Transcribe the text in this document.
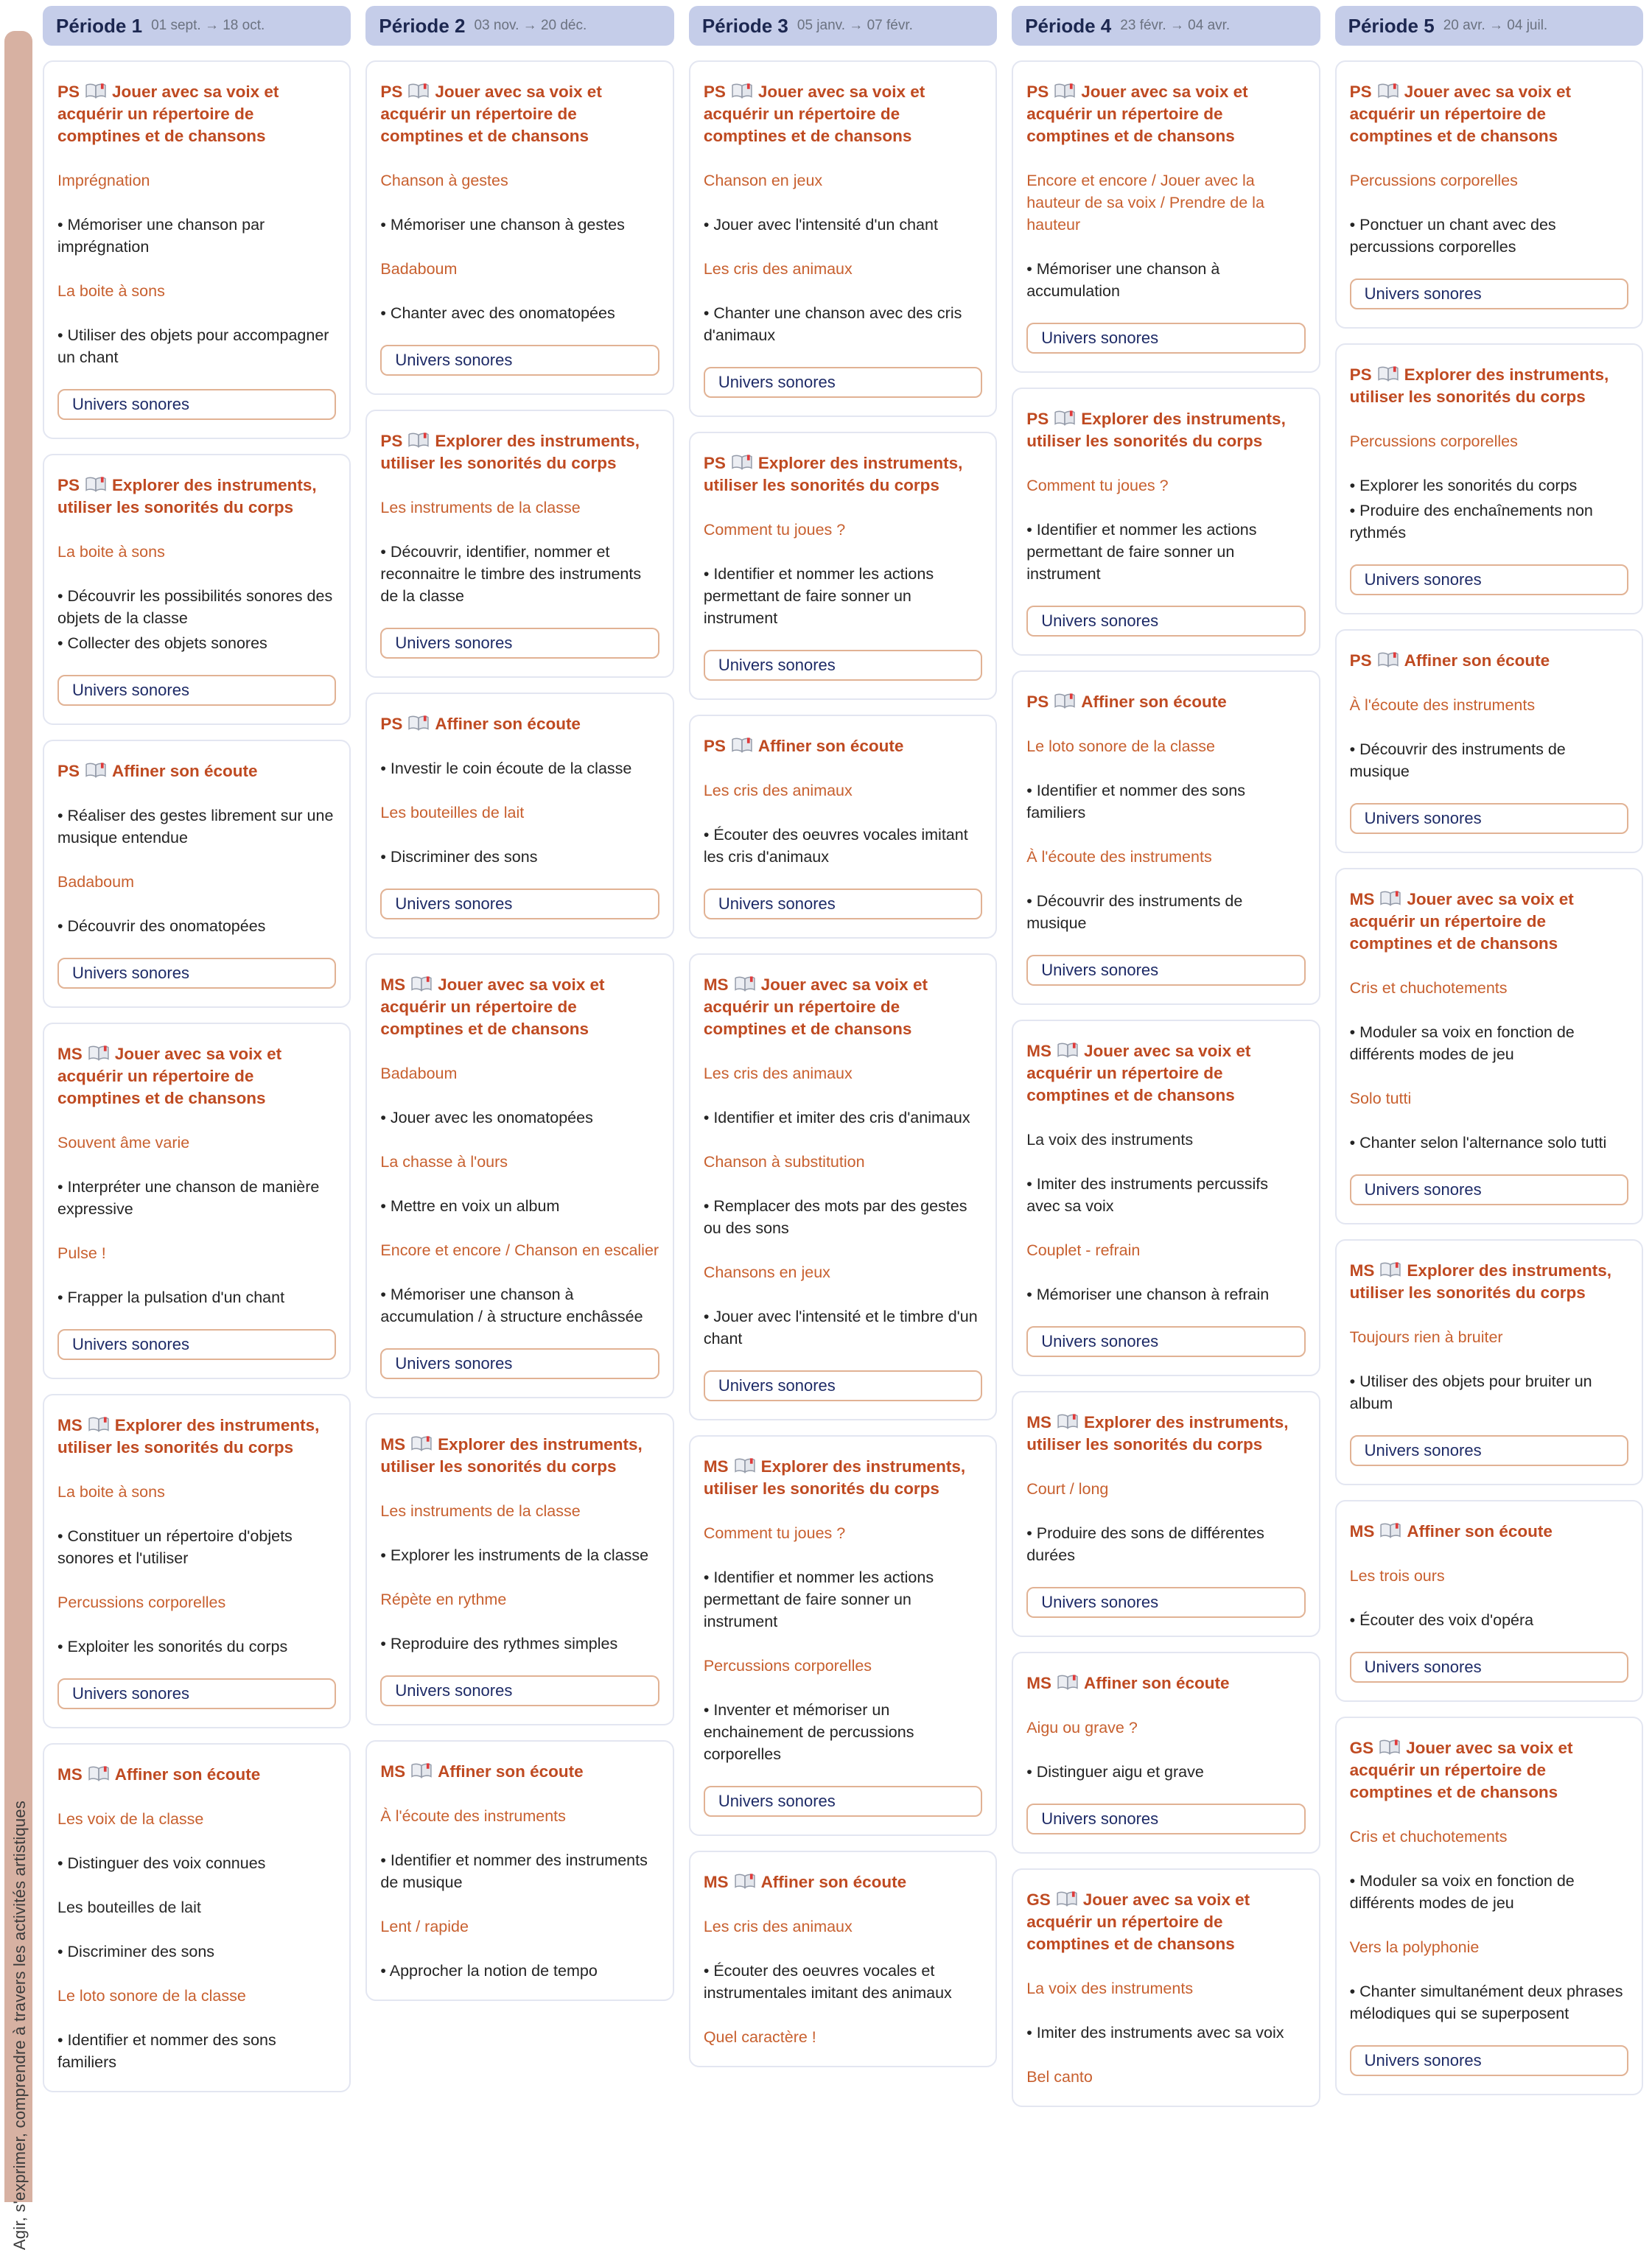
Agir, s'exprimer, comprendre à travers les activités artistiques
Période 1 01 sept. → 18 oct.
PS Jouer avec sa voix et acquérir un répertoire de comptines et de chansons

Imprégnation

• Mémoriser une chanson par imprégnation

La boite à sons

• Utiliser des objets pour accompagner un chant

Univers sonores
PS Explorer des instruments, utiliser les sonorités du corps

La boite à sons

• Découvrir les possibilités sonores des objets de la classe

• Collecter des objets sonores

Univers sonores
PS Affiner son écoute

• Réaliser des gestes librement sur une musique entendue

Badaboum

• Découvrir des onomatopées

Univers sonores
MS Jouer avec sa voix et acquérir un répertoire de comptines et de chansons

Souvent âme varie

• Interpréter une chanson de manière expressive

Pulse !

• Frapper la pulsation d'un chant

Univers sonores
MS Explorer des instruments, utiliser les sonorités du corps

La boite à sons

• Constituer un répertoire d'objets sonores et l'utiliser

Percussions corporelles

• Exploiter les sonorités du corps

Univers sonores
MS Affiner son écoute

Les voix de la classe

• Distinguer des voix connues

Les bouteilles de lait

• Discriminer des sons

Le loto sonore de la classe

• Identifier et nommer des sons familiers

Période 2 03 nov. → 20 déc.
PS Jouer avec sa voix et acquérir un répertoire de comptines et de chansons

Chanson à gestes

• Mémoriser une chanson à gestes

Badaboum

• Chanter avec des onomatopées

Univers sonores
PS Explorer des instruments, utiliser les sonorités du corps

Les instruments de la classe

• Découvrir, identifier, nommer et reconnaitre le timbre des instruments de la classe

Univers sonores
PS Affiner son écoute

• Investir le coin écoute de la classe

Les bouteilles de lait

• Discriminer des sons

Univers sonores
MS Jouer avec sa voix et acquérir un répertoire de comptines et de chansons

Badaboum

• Jouer avec les onomatopées

La chasse à l'ours

• Mettre en voix un album

Encore et encore / Chanson en escalier

• Mémoriser une chanson à accumulation / à structure enchâssée

Univers sonores
MS Explorer des instruments, utiliser les sonorités du corps

Les instruments de la classe

• Explorer les instruments de la classe

Répète en rythme

• Reproduire des rythmes simples

Univers sonores
MS Affiner son écoute

À l'écoute des instruments

• Identifier et nommer des instruments de musique

Lent / rapide

• Approcher la notion de tempo

Période 3 05 janv. → 07 févr.
PS Jouer avec sa voix et acquérir un répertoire de comptines et de chansons

Chanson en jeux

• Jouer avec l'intensité d'un chant

Les cris des animaux

• Chanter une chanson avec des cris d'animaux

Univers sonores
PS Explorer des instruments, utiliser les sonorités du corps

Comment tu joues ?

• Identifier et nommer les actions permettant de faire sonner un instrument

Univers sonores
PS Affiner son écoute

Les cris des animaux

• Écouter des oeuvres vocales imitant les cris d'animaux

Univers sonores
MS Jouer avec sa voix et acquérir un répertoire de comptines et de chansons

Les cris des animaux

• Identifier et imiter des cris d'animaux

Chanson à substitution

• Remplacer des mots par des gestes ou des sons

Chansons en jeux

• Jouer avec l'intensité et le timbre d'un chant

Univers sonores
MS Explorer des instruments, utiliser les sonorités du corps

Comment tu joues ?

• Identifier et nommer les actions permettant de faire sonner un instrument

Percussions corporelles

• Inventer et mémoriser un enchainement de percussions corporelles

Univers sonores
MS Affiner son écoute

Les cris des animaux

• Écouter des oeuvres vocales et instrumentales imitant des animaux

Quel caractère !

Période 4 23 févr. → 04 avr.
PS Jouer avec sa voix et acquérir un répertoire de comptines et de chansons

Encore et encore / Jouer avec la hauteur de sa voix / Prendre de la hauteur

• Mémoriser une chanson à accumulation

Univers sonores
PS Explorer des instruments, utiliser les sonorités du corps

Comment tu joues ?

• Identifier et nommer les actions permettant de faire sonner un instrument

Univers sonores
PS Affiner son écoute

Le loto sonore de la classe

• Identifier et nommer des sons familiers

À l'écoute des instruments

• Découvrir des instruments de musique

Univers sonores
MS Jouer avec sa voix et acquérir un répertoire de comptines et de chansons

La voix des instruments

• Imiter des instruments percussifs avec sa voix

Couplet - refrain

• Mémoriser une chanson à refrain

Univers sonores
MS Explorer des instruments, utiliser les sonorités du corps

Court / long

• Produire des sons de différentes durées

Univers sonores
MS Affiner son écoute

Aigu ou grave ?

• Distinguer aigu et grave

Univers sonores
GS Jouer avec sa voix et acquérir un répertoire de comptines et de chansons

La voix des instruments

• Imiter des instruments avec sa voix

Bel canto

Période 5 20 avr. → 04 juil.
PS Jouer avec sa voix et acquérir un répertoire de comptines et de chansons

Percussions corporelles

• Ponctuer un chant avec des percussions corporelles

Univers sonores
PS Explorer des instruments, utiliser les sonorités du corps

Percussions corporelles

• Explorer les sonorités du corps

• Produire des enchaînements non rythmés

Univers sonores
PS Affiner son écoute

À l'écoute des instruments

• Découvrir des instruments de musique

Univers sonores
MS Jouer avec sa voix et acquérir un répertoire de comptines et de chansons

Cris et chuchotements

• Moduler sa voix en fonction de différents modes de jeu

Solo tutti

• Chanter selon l'alternance solo tutti

Univers sonores
MS Explorer des instruments, utiliser les sonorités du corps

Toujours rien à bruiter

• Utiliser des objets pour bruiter un album

Univers sonores
MS Affiner son écoute

Les trois ours

• Écouter des voix d'opéra

Univers sonores
GS Jouer avec sa voix et acquérir un répertoire de comptines et de chansons

Cris et chuchotements

• Moduler sa voix en fonction de différents modes de jeu

Vers la polyphonie

• Chanter simultanément deux phrases mélodiques qui se superposent

Univers sonores
